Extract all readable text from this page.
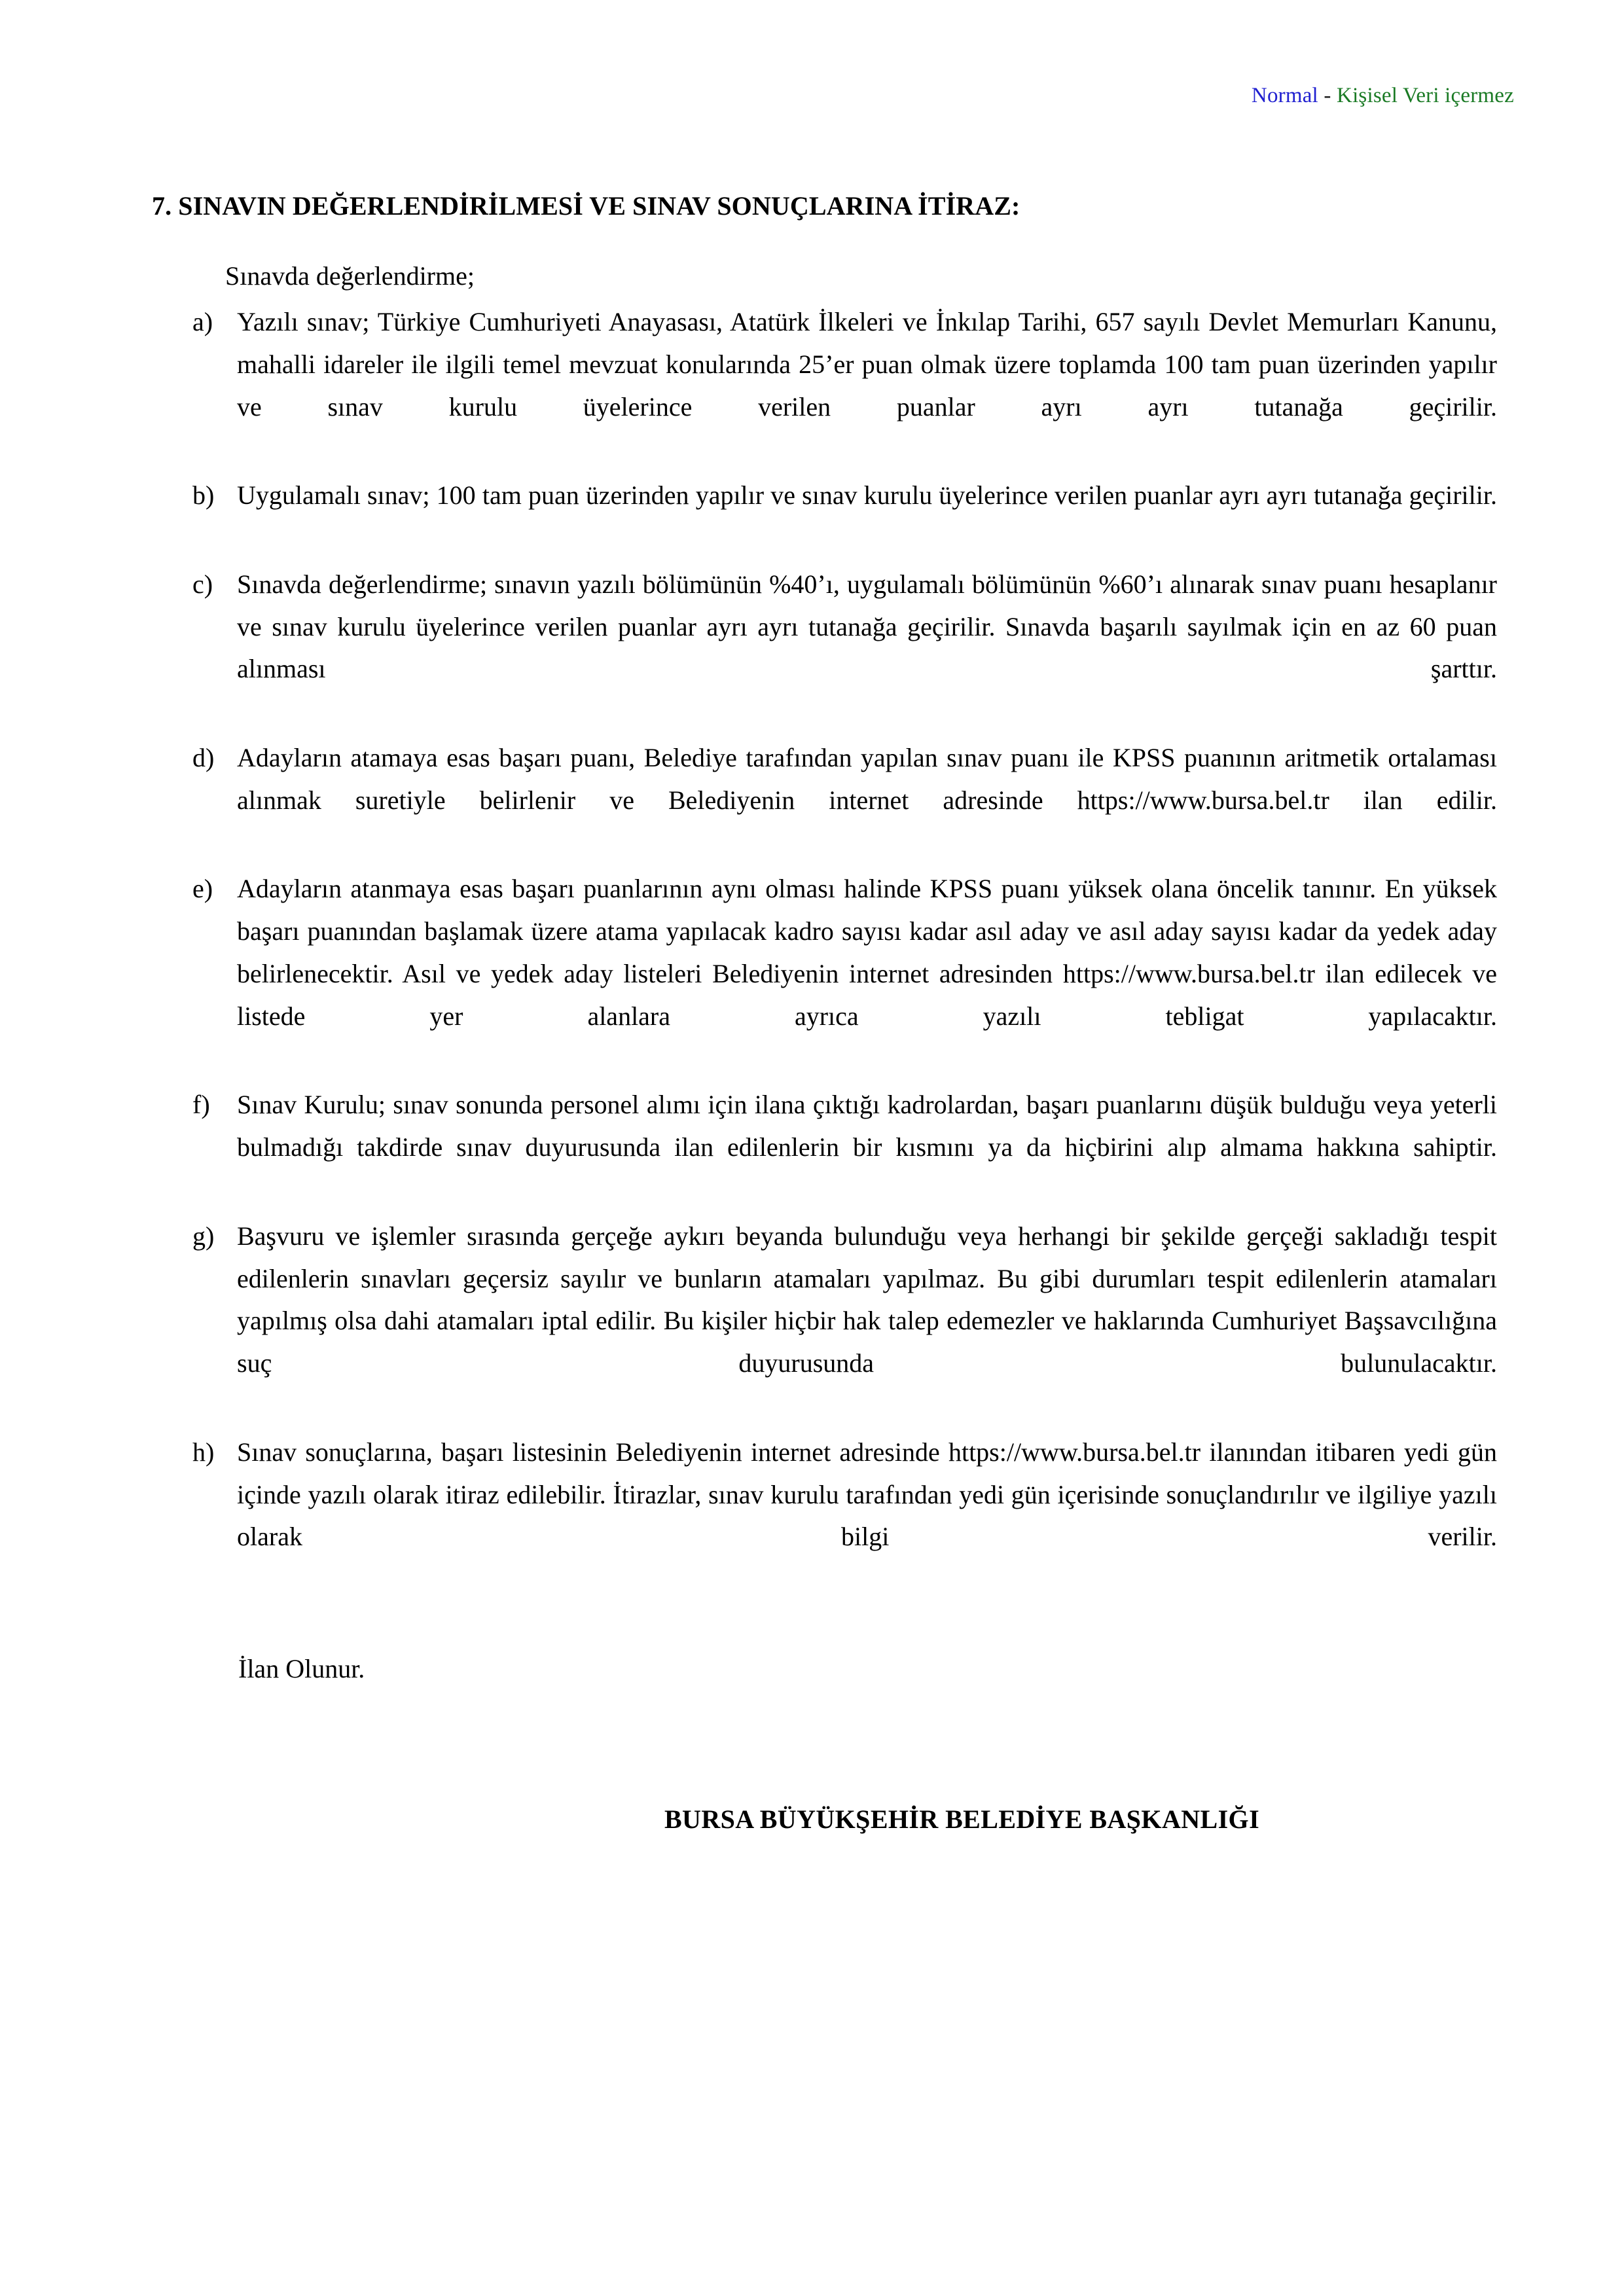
Normal - Kişisel Veri içermez
7. SINAVIN DEĞERLENDİRİLMESİ VE SINAV SONUÇLARINA İTİRAZ:

Sınavda değerlendirme;

a) Yazılı sınav; Türkiye Cumhuriyeti Anayasası, Atatürk İlkeleri ve İnkılap Tarihi, 657 sayılı Devlet Memurları Kanunu, mahalli idareler ile ilgili temel mevzuat konularında 25’er puan olmak üzere toplamda 100 tam puan üzerinden yapılır ve sınav kurulu üyelerince verilen puanlar ayrı ayrı tutanağa geçirilir.
b) Uygulamalı sınav; 100 tam puan üzerinden yapılır ve sınav kurulu üyelerince verilen puanlar ayrı ayrı tutanağa geçirilir.
c) Sınavda değerlendirme; sınavın yazılı bölümünün %40’ı, uygulamalı bölümünün %60’ı alınarak sınav puanı hesaplanır ve sınav kurulu üyelerince verilen puanlar ayrı ayrı tutanağa geçirilir. Sınavda başarılı sayılmak için en az 60 puan alınması şarttır.
d) Adayların atamaya esas başarı puanı, Belediye tarafından yapılan sınav puanı ile KPSS puanının aritmetik ortalaması alınmak suretiyle belirlenir ve Belediyenin internet adresinde https://www.bursa.bel.tr ilan edilir.
e) Adayların atanmaya esas başarı puanlarının aynı olması halinde KPSS puanı yüksek olana öncelik tanınır. En yüksek başarı puanından başlamak üzere atama yapılacak kadro sayısı kadar asıl aday ve asıl aday sayısı kadar da yedek aday belirlenecektir. Asıl ve yedek aday listeleri Belediyenin internet adresinden https://www.bursa.bel.tr ilan edilecek ve listede yer alanlara ayrıca yazılı tebligat yapılacaktır.
f)	Sınav Kurulu; sınav sonunda personel alımı için ilana çıktığı kadrolardan, başarı puanlarını düşük bulduğu veya yeterli bulmadığı takdirde sınav duyurusunda ilan edilenlerin bir kısmını ya da hiçbirini alıp almama hakkına sahiptir.
g) Başvuru ve işlemler sırasında gerçeğe aykırı beyanda bulunduğu veya herhangi bir şekilde gerçeği sakladığı tespit edilenlerin sınavları geçersiz sayılır ve bunların atamaları yapılmaz. Bu gibi durumları tespit edilenlerin atamaları yapılmış olsa dahi atamaları iptal edilir. Bu kişiler hiçbir hak talep edemezler ve haklarında Cumhuriyet Başsavcılığına suç duyurusunda bulunulacaktır.
h) Sınav sonuçlarına, başarı listesinin Belediyenin internet adresinde https://www.bursa.bel.tr ilanından itibaren yedi gün içinde yazılı olarak itiraz edilebilir. İtirazlar, sınav kurulu tarafından yedi gün içerisinde sonuçlandırılır ve ilgiliye yazılı olarak bilgi verilir.

İlan Olunur.

BURSA BÜYÜKŞEHİR BELEDİYE BAŞKANLIĞI
